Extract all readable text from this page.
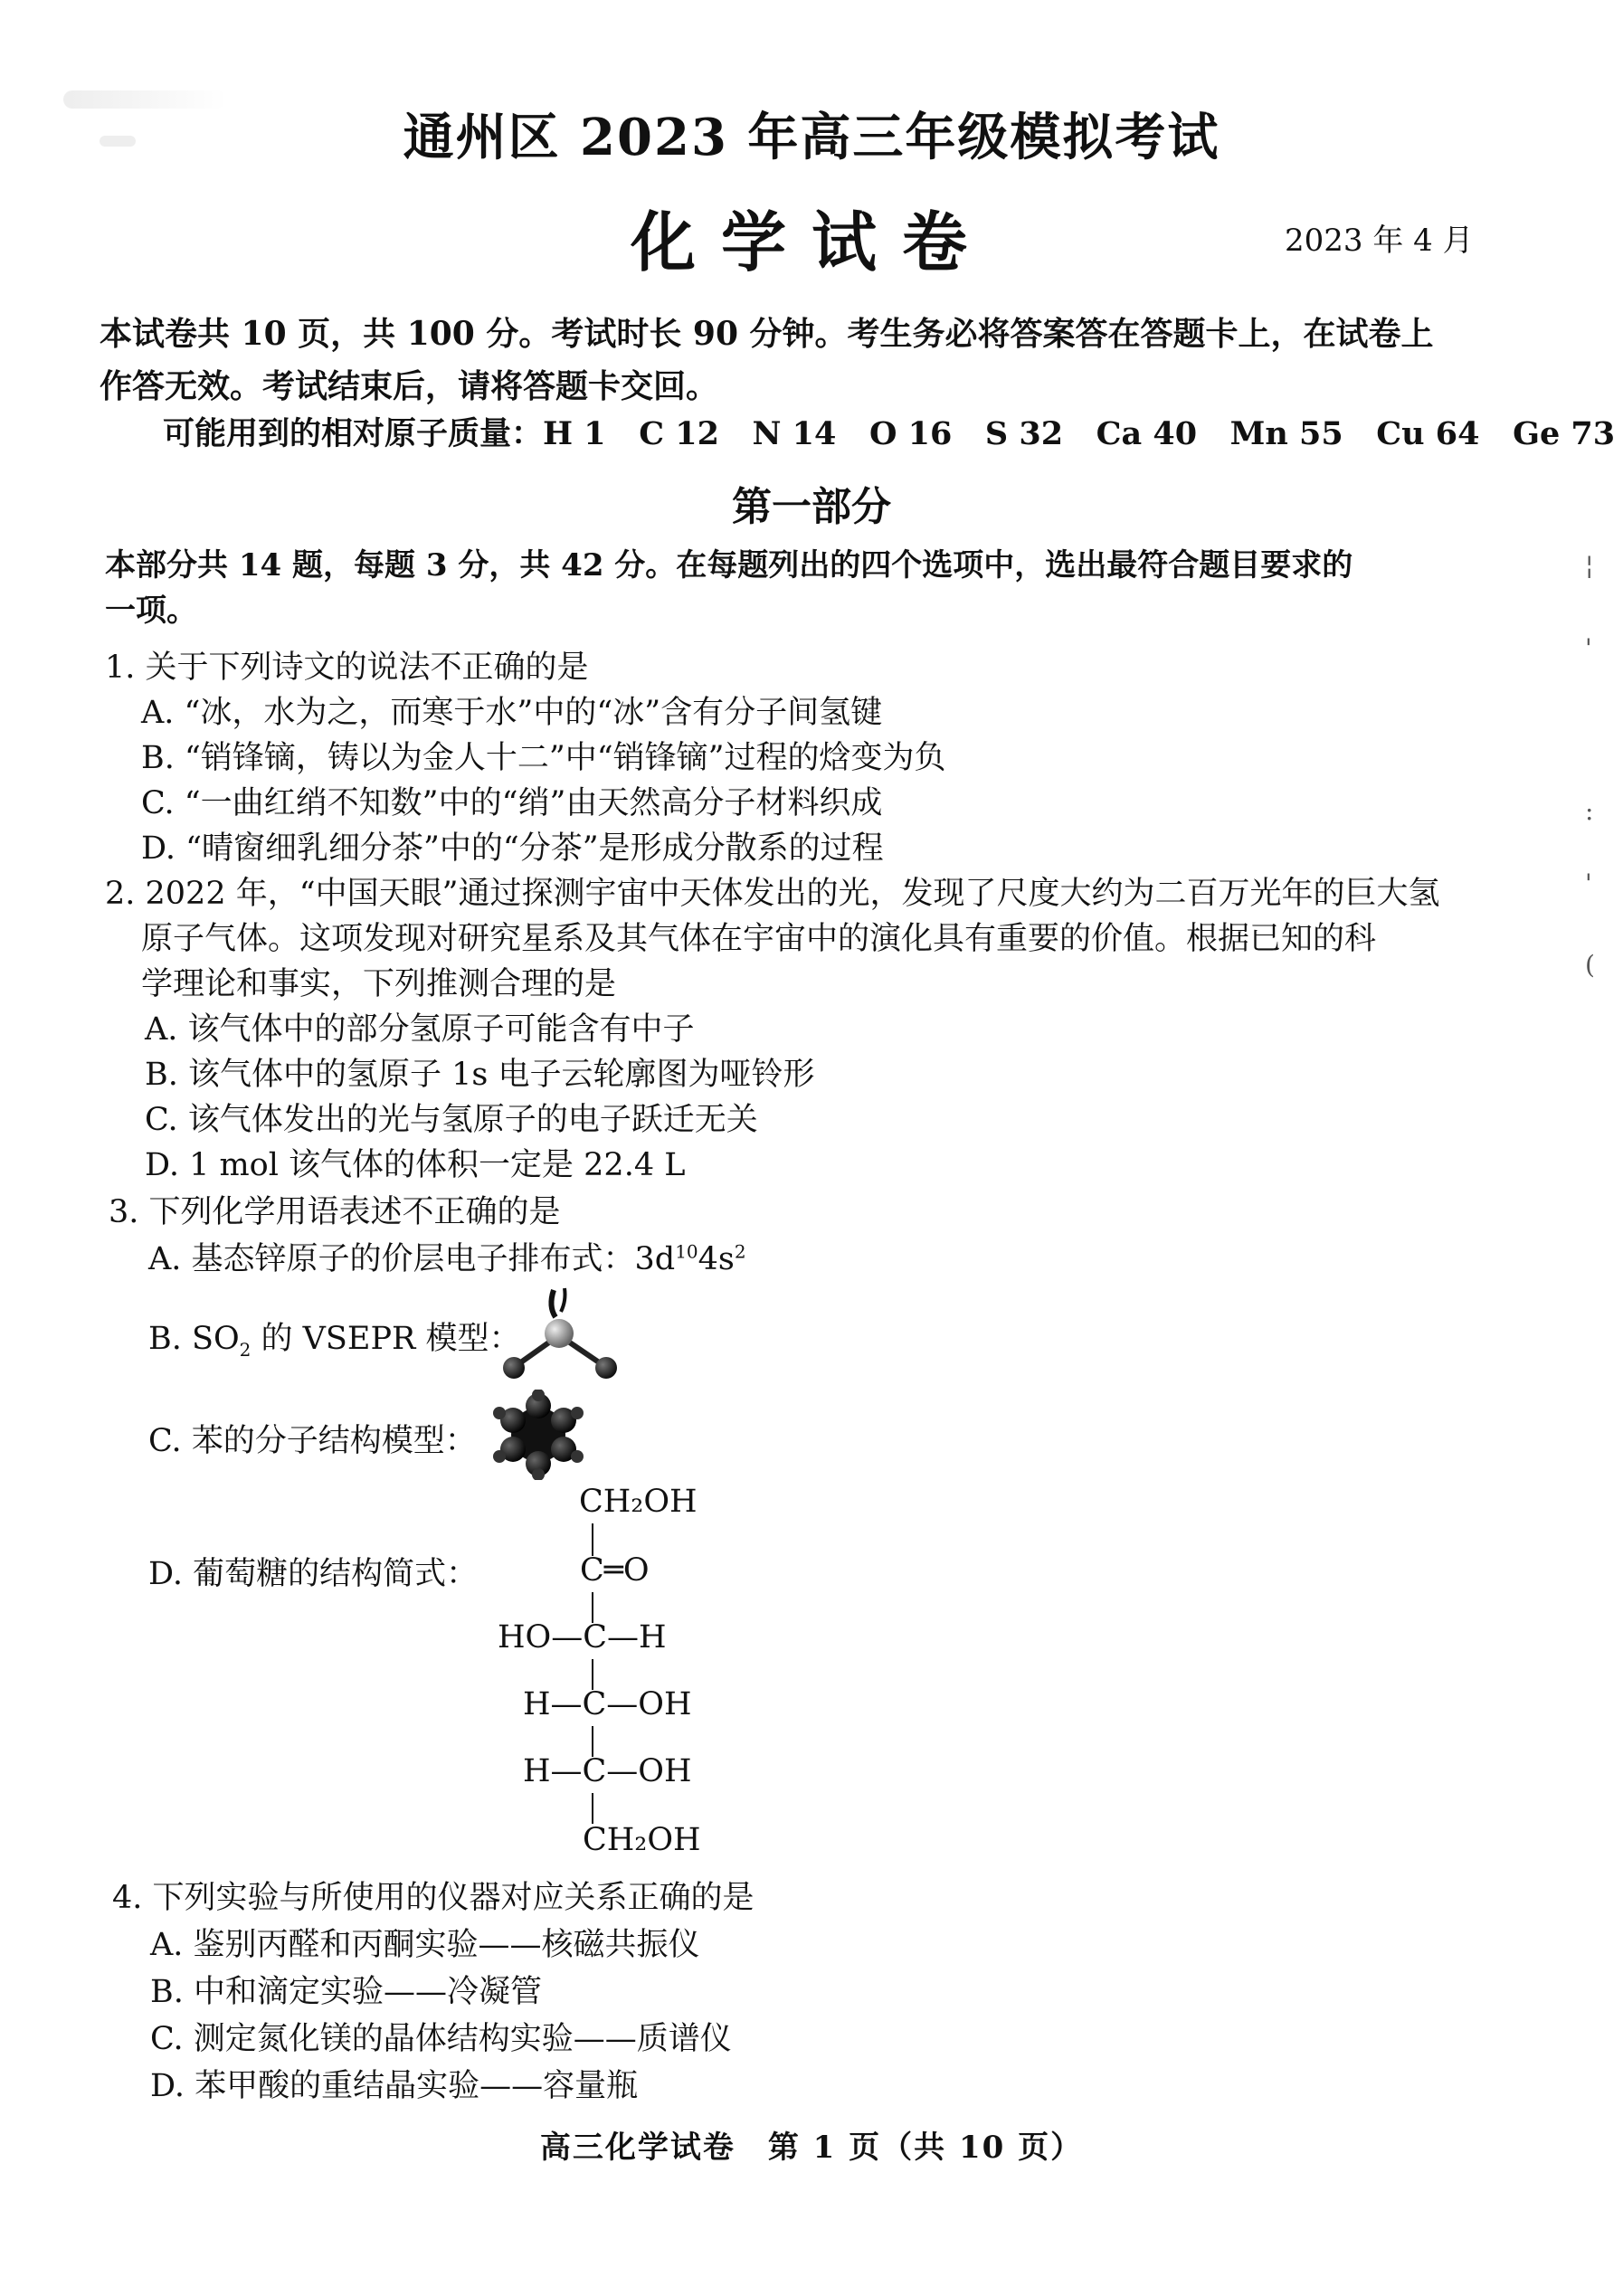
通州区 2023 年高三年级模拟考试
化学试卷	2023 年 4 月

本试卷共 10 页，共 100 分。考试时长 90 分钟。考生务必将答案答在答题卡上，在试卷上

作答无效。考试结束后，请将答题卡交回。

可能用到的相对原子质量：H 1 C 12 N 14 O 16 S 32 Ca 40 Mn 55 Cu 64 Ge 73
第一部分
本部分共 14 题，每题 3 分，共 42 分。在每题列出的四个选项中，选出最符合题目要求的
一项。
1. 关于下列诗文的说法不正确的是
A. “冰，水为之，而寒于水”中的“冰”含有分子间氢键
B. “销锋镝，铸以为金人十二”中“销锋镝”过程的焓变为负
C. “一曲红绡不知数”中的“绡”由天然高分子材料织成
D. “晴窗细乳细分茶”中的“分茶”是形成分散系的过程
2. 2022 年，“中国天眼”通过探测宇宙中天体发出的光，发现了尺度大约为二百万光年的巨大氢
原子气体。这项发现对研究星系及其气体在宇宙中的演化具有重要的价值。根据已知的科
学理论和事实，下列推测合理的是
A. 该气体中的部分氢原子可能含有中子
B. 该气体中的氢原子 1s 电子云轮廓图为哑铃形
C. 该气体发出的光与氢原子的电子跃迁无关
D. 1 mol 该气体的体积一定是 22.4 L
3. 下列化学用语表述不正确的是
A. 基态锌原子的价层电子排布式：$3d^{10}4s^2$
B. $SO_2$ 的 VSEPR 模型：
C. 苯的分子结构模型：
D. 葡萄糖的结构简式：
CH₂OH
C═O
HO—C—H
H—C—OH
H—C—OH
CH₂OH
4. 下列实验与所使用的仪器对应关系正确的是
A. 鉴别丙醛和丙酮实验——核磁共振仪
B. 中和滴定实验——冷凝管
C. 测定氮化镁的晶体结构实验——质谱仪
D. 苯甲酸的重结晶实验——容量瓶
高三化学试卷　第 1 页（共 10 页）
¦
'
:
'
(
